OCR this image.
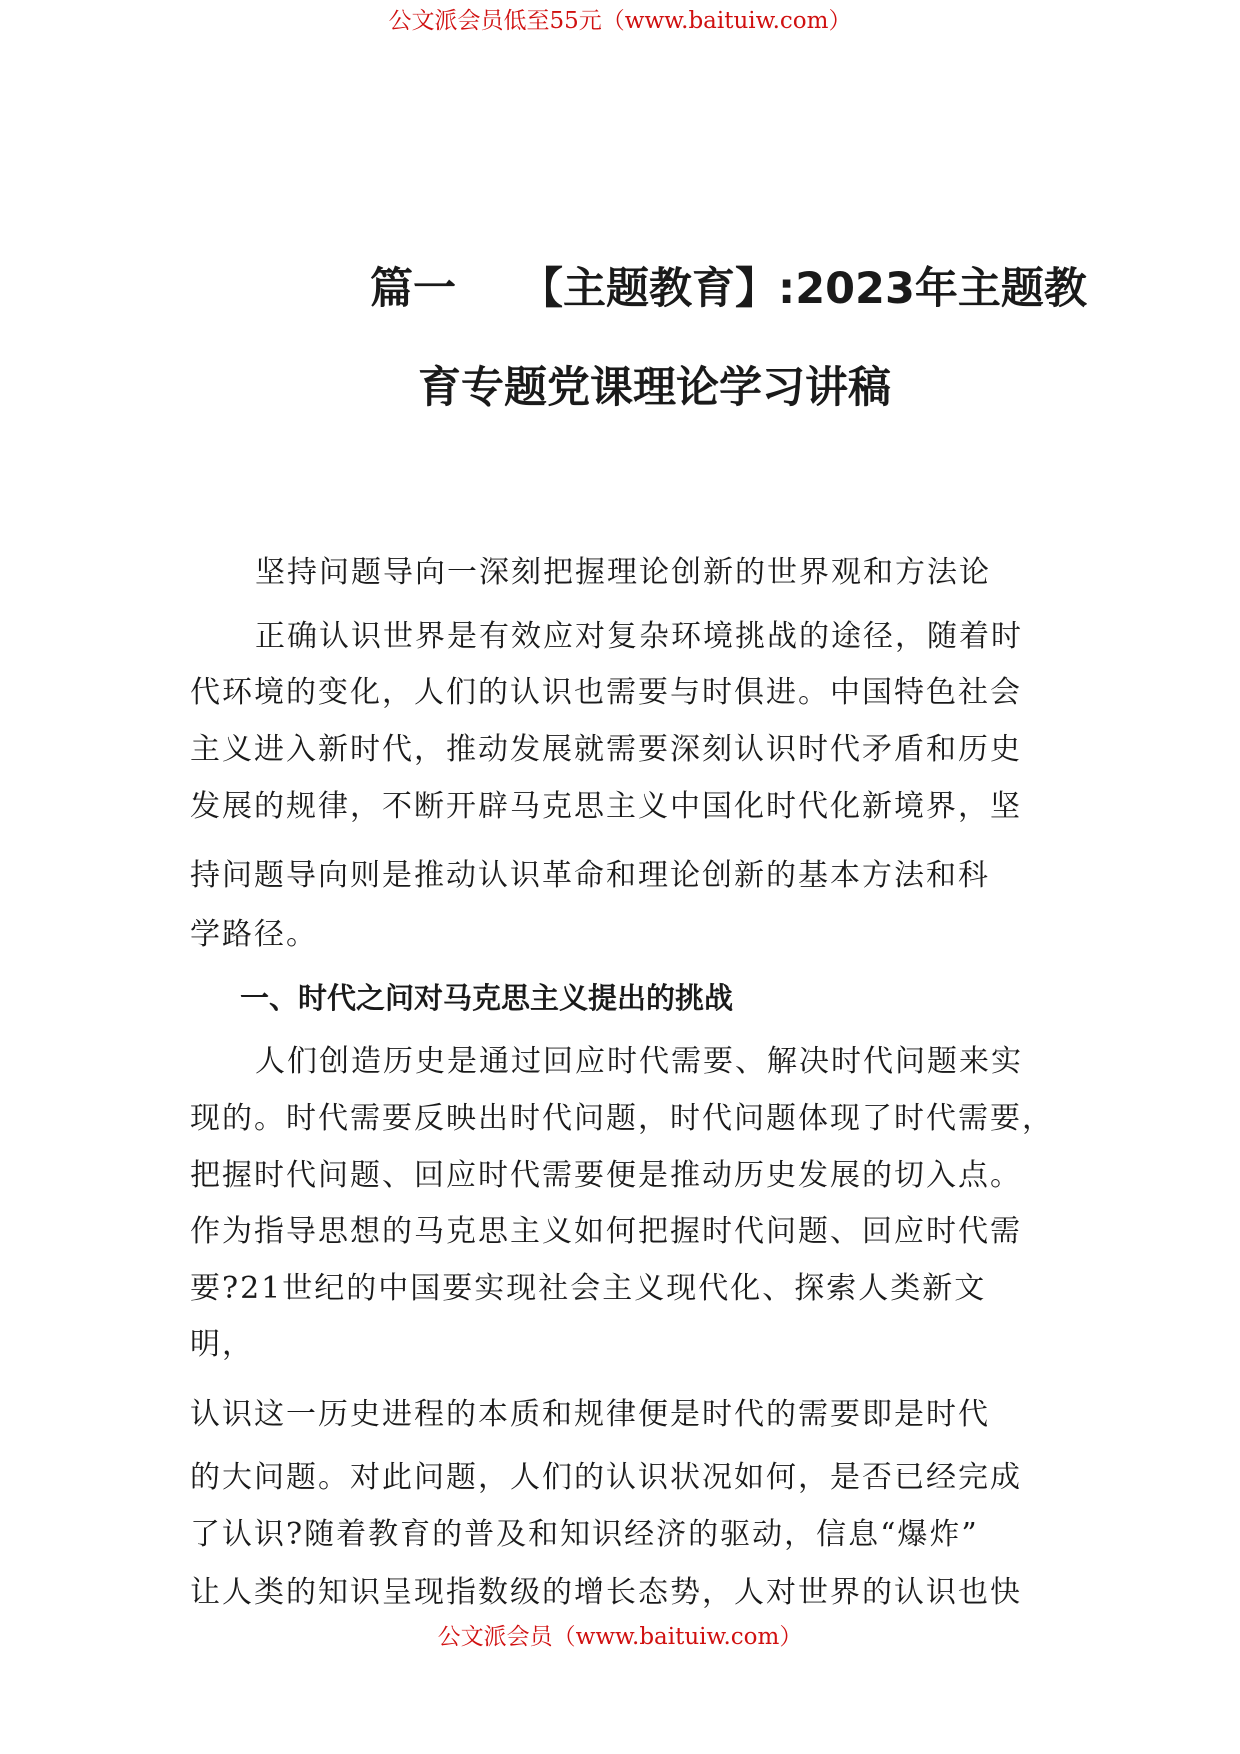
公文派会员低至55元（www.baituiw.com）
篇一 【主题教育】:2023年主题教
育专题党课理论学习讲稿
坚持问题导向一深刻把握理论创新的世界观和方法论
正确认识世界是有效应对复杂环境挑战的途径，随着时
代环境的变化，人们的认识也需要与时俱进。中国特色社会
主义进入新时代，推动发展就需要深刻认识时代矛盾和历史
发展的规律，不断开辟马克思主义中国化时代化新境界，坚
持问题导向则是推动认识革命和理论创新的基本方法和科
学路径。
一、时代之问对马克思主义提出的挑战
人们创造历史是通过回应时代需要、解决时代问题来实
现的。时代需要反映出时代问题，时代问题体现了时代需要，
把握时代问题、回应时代需要便是推动历史发展的切入点。
作为指导思想的马克思主义如何把握时代问题、回应时代需
要?21世纪的中国要实现社会主义现代化、探索人类新文
明，
认识这一历史进程的本质和规律便是时代的需要即是时代
的大问题。对此问题，人们的认识状况如何，是否已经完成
了认识?随着教育的普及和知识经济的驱动，信息“爆炸”
让人类的知识呈现指数级的增长态势，人对世界的认识也快
公文派会员（www.baituiw.com）
